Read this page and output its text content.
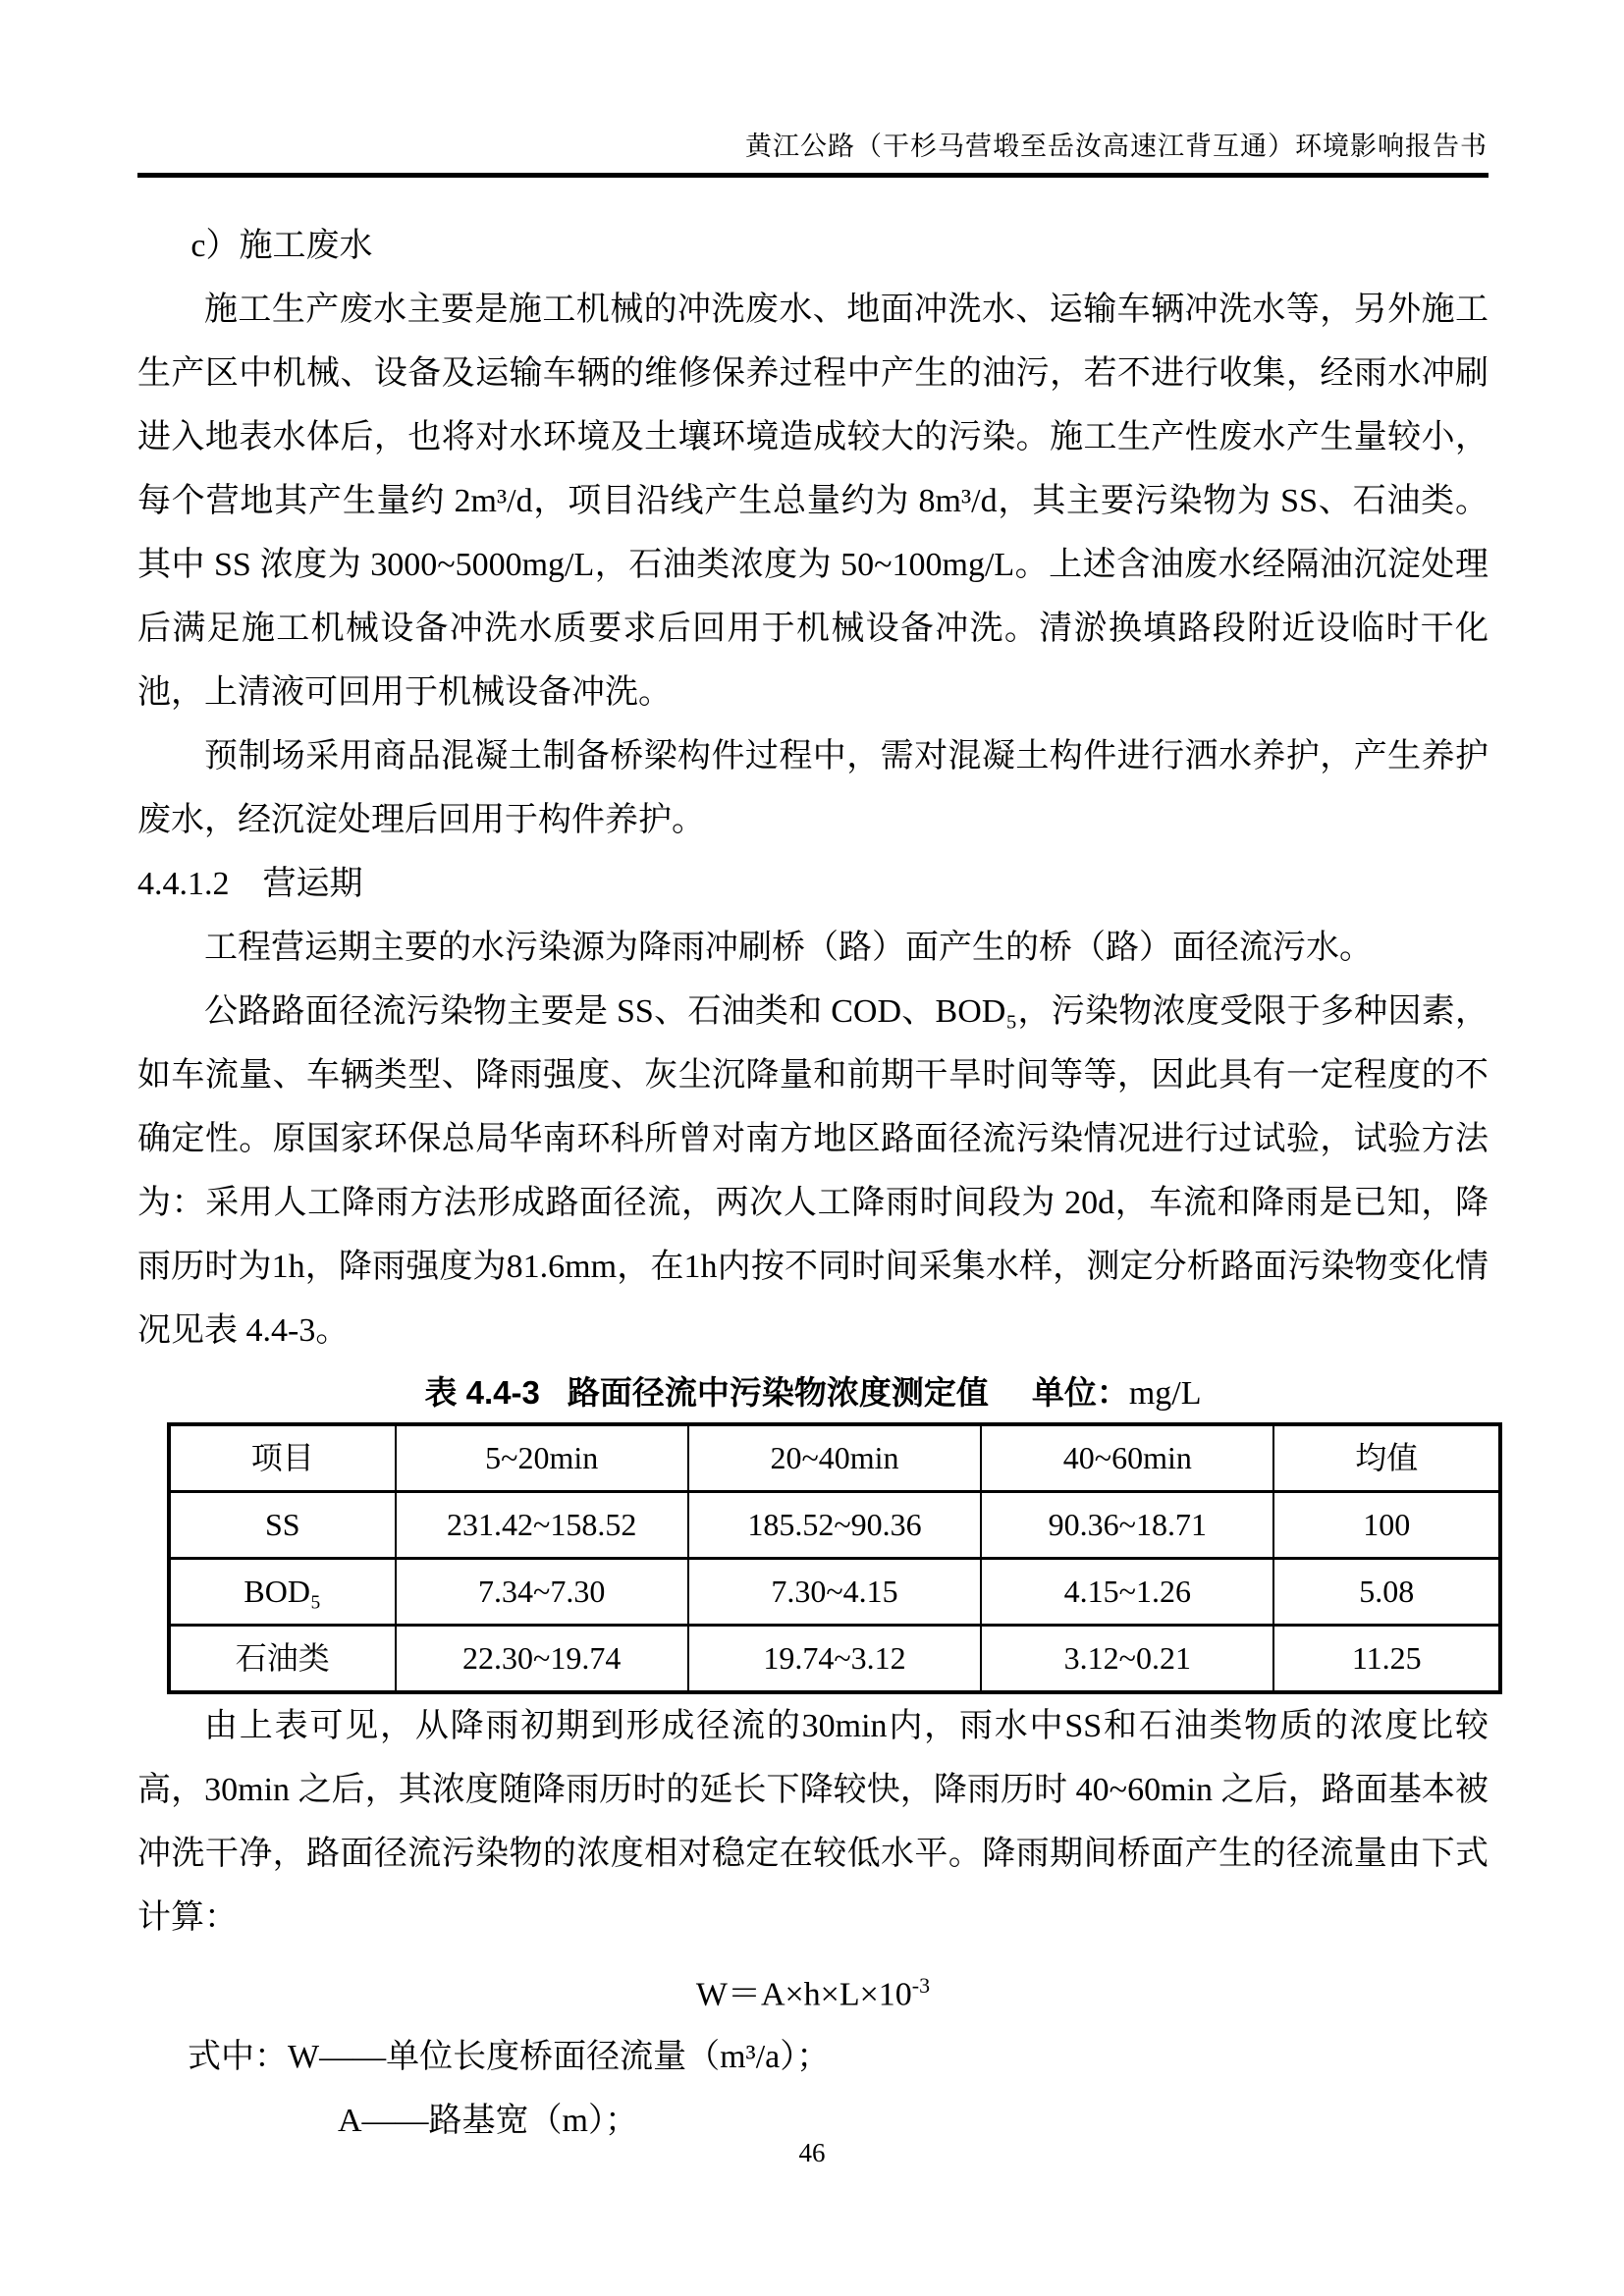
黄江公路（干杉马营塅至岳汝高速江背互通）环境影响报告书
c）施工废水
施工生产废水主要是施工机械的冲洗废水、地面冲洗水、运输车辆冲洗水等，另外施工生产区中机械、设备及运输车辆的维修保养过程中产生的油污，若不进行收集，经雨水冲刷进入地表水体后，也将对水环境及土壤环境造成较大的污染。施工生产性废水产生量较小，每个营地其产生量约 2m³/d，项目沿线产生总量约为 8m³/d，其主要污染物为 SS、石油类。其中 SS 浓度为 3000~5000mg/L，石油类浓度为 50~100mg/L。上述含油废水经隔油沉淀处理后满足施工机械设备冲洗水质要求后回用于机械设备冲洗。清淤换填路段附近设临时干化池，上清液可回用于机械设备冲洗。
预制场采用商品混凝土制备桥梁构件过程中，需对混凝土构件进行洒水养护，产生养护废水，经沉淀处理后回用于构件养护。
4.4.1.2　营运期
工程营运期主要的水污染源为降雨冲刷桥（路）面产生的桥（路）面径流污水。
公路路面径流污染物主要是 SS、石油类和 COD、BOD₅，污染物浓度受限于多种因素，如车流量、车辆类型、降雨强度、灰尘沉降量和前期干旱时间等等，因此具有一定程度的不确定性。原国家环保总局华南环科所曾对南方地区路面径流污染情况进行过试验，试验方法为：采用人工降雨方法形成路面径流，两次人工降雨时间段为 20d，车流和降雨是已知，降雨历时为1h，降雨强度为81.6mm，在1h内按不同时间采集水样，测定分析路面污染物变化情况见表 4.4-3。
表 4.4-3 路面径流中污染物浓度测定值 单位：mg/L
项目	5~20min	20~40min	40~60min	均值
SS	231.42~158.52	185.52~90.36	90.36~18.71	100
BOD₅	7.34~7.30	7.30~4.15	4.15~1.26	5.08
石油类	22.30~19.74	19.74~3.12	3.12~0.21	11.25
由上表可见，从降雨初期到形成径流的30min内，雨水中SS和石油类物质的浓度比较高，30min 之后，其浓度随降雨历时的延长下降较快，降雨历时 40~60min 之后，路面基本被冲洗干净，路面径流污染物的浓度相对稳定在较低水平。降雨期间桥面产生的径流量由下式计算：
$W=A\times h\times L\times 10^{-3}$
式中：W——单位长度桥面径流量（m³/a）；
A——路基宽（m）；
46
